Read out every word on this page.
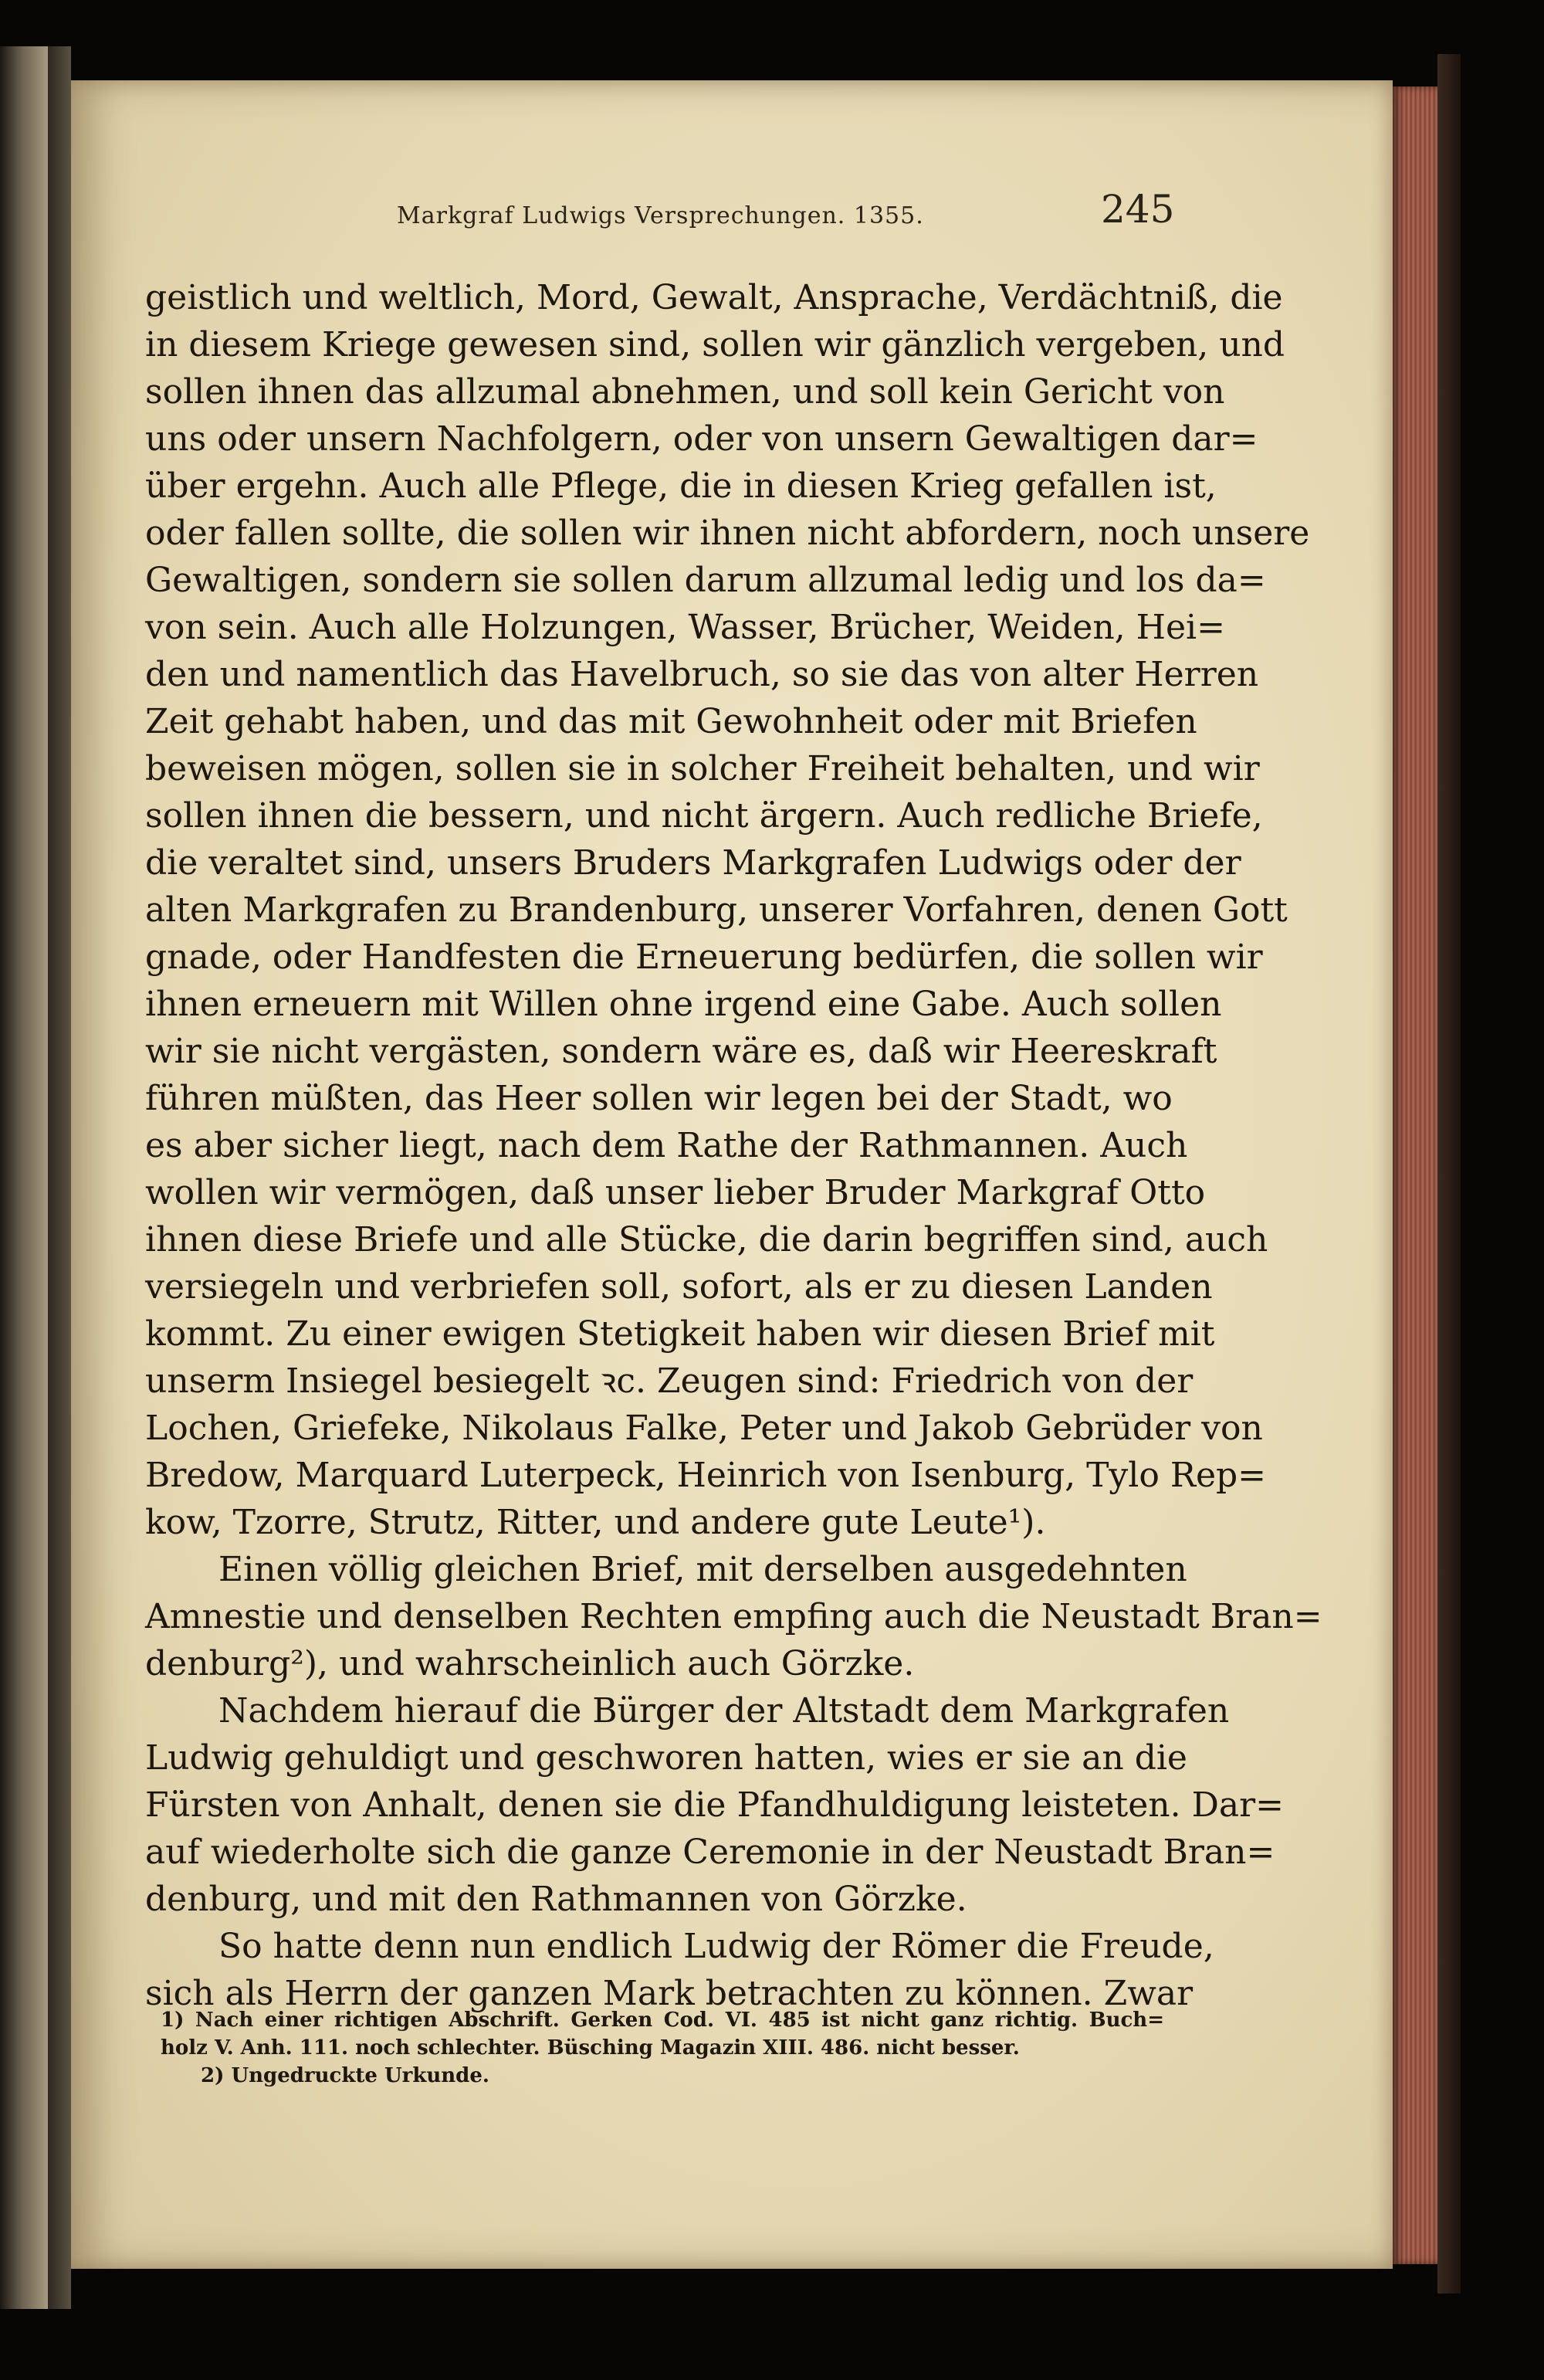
Markgraf Ludwigs Versprechungen. 1355.	245
geistlich und weltlich, Mord, Gewalt, Ansprache, Verdächtniß, die
in diesem Kriege gewesen sind, sollen wir gänzlich vergeben, und
sollen ihnen das allzumal abnehmen, und soll kein Gericht von
uns oder unsern Nachfolgern, oder von unsern Gewaltigen dar=
über ergehn. Auch alle Pflege, die in diesen Krieg gefallen ist,
oder fallen sollte, die sollen wir ihnen nicht abfordern, noch unsere
Gewaltigen, sondern sie sollen darum allzumal ledig und los da=
von sein. Auch alle Holzungen, Wasser, Brücher, Weiden, Hei=
den und namentlich das Havelbruch, so sie das von alter Herren
Zeit gehabt haben, und das mit Gewohnheit oder mit Briefen
beweisen mögen, sollen sie in solcher Freiheit behalten, und wir
sollen ihnen die bessern, und nicht ärgern. Auch redliche Briefe,
die veraltet sind, unsers Bruders Markgrafen Ludwigs oder der
alten Markgrafen zu Brandenburg, unserer Vorfahren, denen Gott
gnade, oder Handfesten die Erneuerung bedürfen, die sollen wir
ihnen erneuern mit Willen ohne irgend eine Gabe. Auch sollen
wir sie nicht vergästen, sondern wäre es, daß wir Heereskraft
führen müßten, das Heer sollen wir legen bei der Stadt, wo
es aber sicher liegt, nach dem Rathe der Rathmannen. Auch
wollen wir vermögen, daß unser lieber Bruder Markgraf Otto
ihnen diese Briefe und alle Stücke, die darin begriffen sind, auch
versiegeln und verbriefen soll, sofort, als er zu diesen Landen
kommt. Zu einer ewigen Stetigkeit haben wir diesen Brief mit
unserm Insiegel besiegelt ꝛc. Zeugen sind: Friedrich von der
Lochen, Griefeke, Nikolaus Falke, Peter und Jakob Gebrüder von
Bredow, Marquard Luterpeck, Heinrich von Isenburg, Tylo Rep=
kow, Tzorre, Strutz, Ritter, und andere gute Leute¹).
Einen völlig gleichen Brief, mit derselben ausgedehnten
Amnestie und denselben Rechten empfing auch die Neustadt Bran=
denburg²), und wahrscheinlich auch Görzke.
Nachdem hierauf die Bürger der Altstadt dem Markgrafen
Ludwig gehuldigt und geschworen hatten, wies er sie an die
Fürsten von Anhalt, denen sie die Pfandhuldigung leisteten. Dar=
auf wiederholte sich die ganze Ceremonie in der Neustadt Bran=
denburg, und mit den Rathmannen von Görzke.
So hatte denn nun endlich Ludwig der Römer die Freude,
sich als Herrn der ganzen Mark betrachten zu können. Zwar
1) Nach einer richtigen Abschrift. Gerken Cod. VI. 485 ist nicht ganz richtig. Buch=
holz V. Anh. 111. noch schlechter. Büsching Magazin XIII. 486. nicht besser.
2) Ungedruckte Urkunde.
